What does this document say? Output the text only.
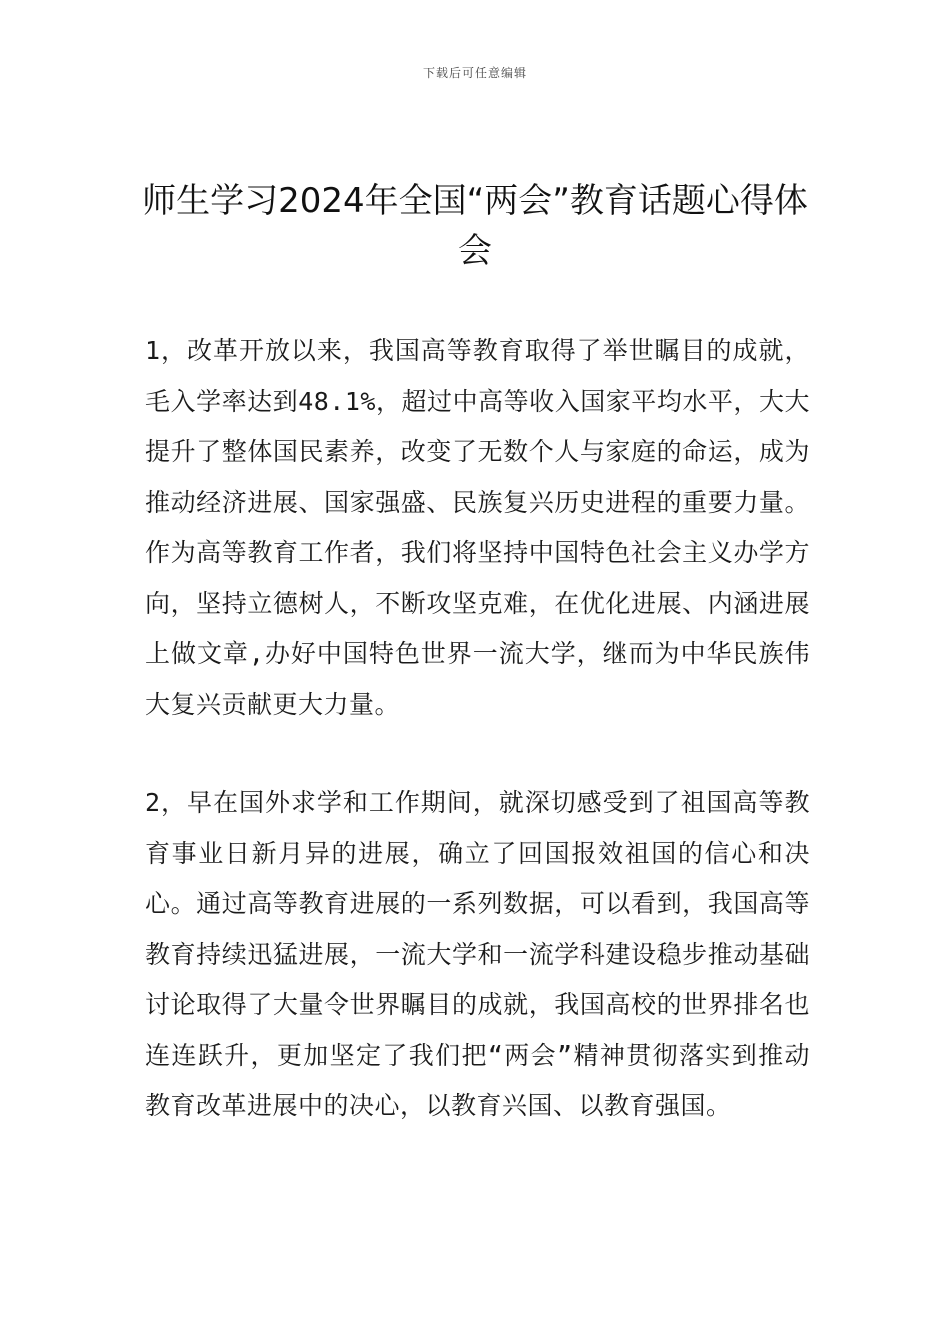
下载后可任意编辑
师生学习2024年全国“两会”教育话题心得体会

1，改革开放以来，我国高等教育取得了举世瞩目的成就，毛入学率达到48.1%，超过中高等收入国家平均水平，大大提升了整体国民素养，改变了无数个人与家庭的命运，成为推动经济进展、国家强盛、民族复兴历史进程的重要力量。作为高等教育工作者，我们将坚持中国特色社会主义办学方向，坚持立德树人，不断攻坚克难，在优化进展、内涵进展上做文章,办好中国特色世界一流大学，继而为中华民族伟大复兴贡献更大力量。

2，早在国外求学和工作期间，就深切感受到了祖国高等教育事业日新月异的进展，确立了回国报效祖国的信心和决心。通过高等教育进展的一系列数据，可以看到，我国高等教育持续迅猛进展，一流大学和一流学科建设稳步推动基础讨论取得了大量令世界瞩目的成就，我国高校的世界排名也连连跃升，更加坚定了我们把“两会”精神贯彻落实到推动教育改革进展中的决心，以教育兴国、以教育强国。
